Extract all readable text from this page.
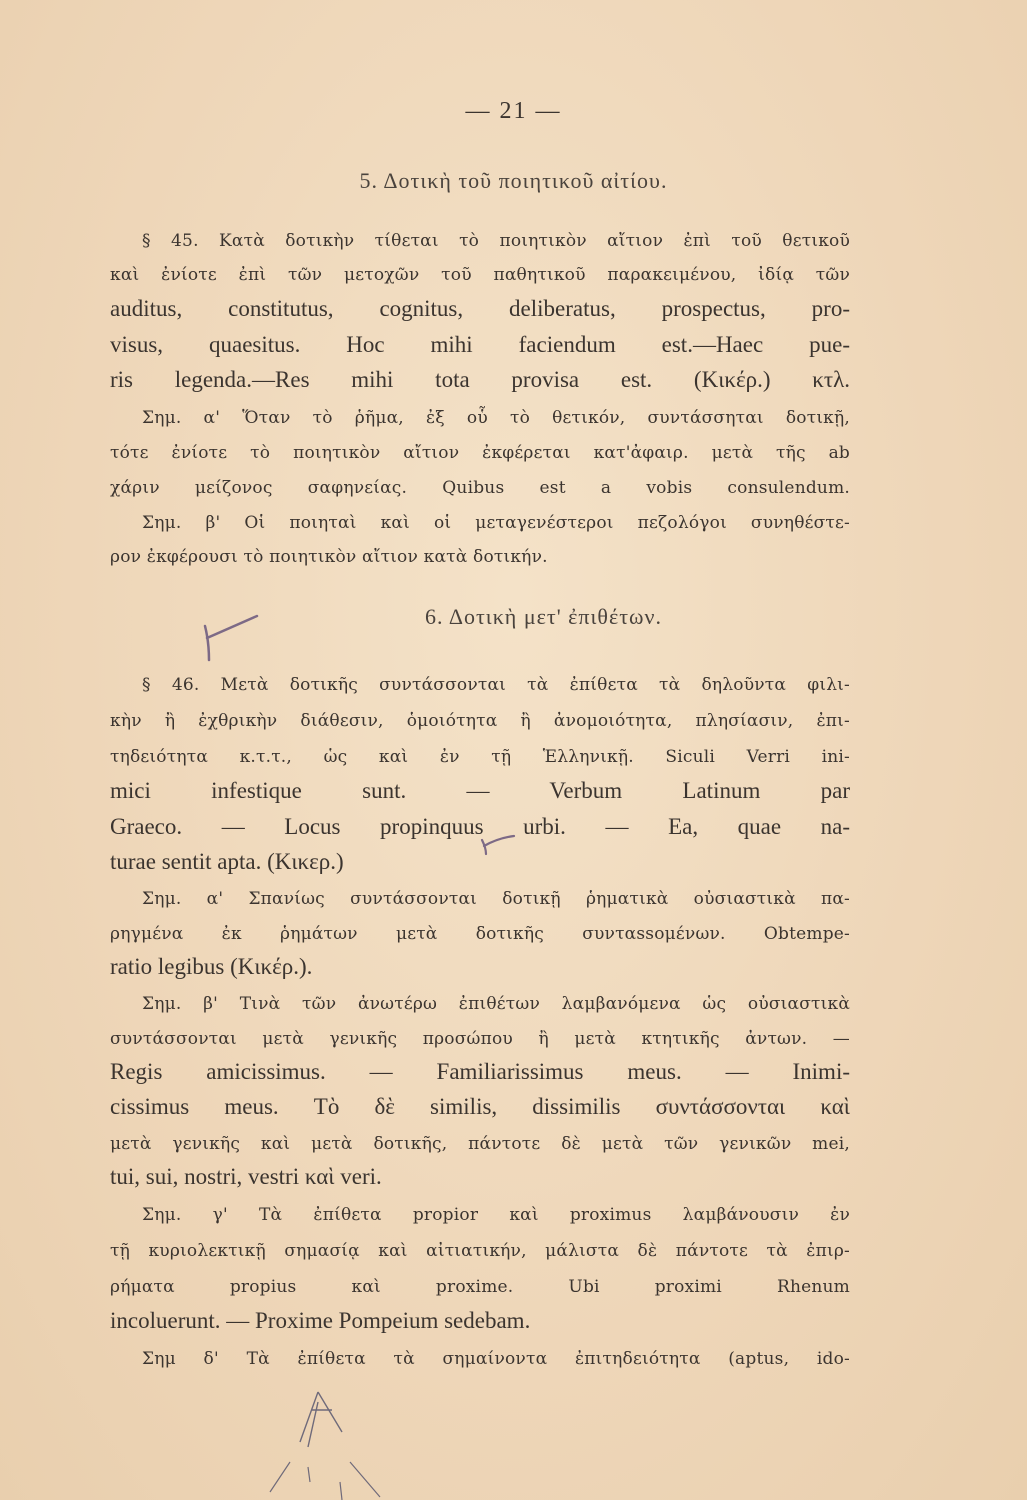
— 21 —
5. Δοτικὴ τοῦ ποιητικοῦ αἰτίου.
§ 45. Κατὰ δοτικὴν τίθεται τὸ ποιητικὸν αἴτιον ἐπὶ τοῦ θετικοῦ
καὶ ἐνίοτε ἐπὶ τῶν μετοχῶν τοῦ παθητικοῦ παρακειμένου, ἰδίᾳ τῶν
auditus, constitutus, cognitus, deliberatus, prospectus, pro-
visus, quaesitus. Hoc mihi faciendum est.—Haec pue-
ris legenda.—Res mihi tota provisa est. (Κικέρ.) κτλ.
Σημ. α' Ὅταν τὸ ῥῆμα, ἐξ οὗ τὸ θετικόν, συντάσσηται δοτικῇ,
τότε ἐνίοτε τὸ ποιητικὸν αἴτιον ἐκφέρεται κατ'ἀφαιρ. μετὰ τῆς ab
χάριν μείζονος σαφηνείας. Quibus est a vobis consulendum.
Σημ. β' Οἱ ποιηταὶ καὶ οἱ μεταγενέστεροι πεζολόγοι συνηθέστε-
ρον ἐκφέρουσι τὸ ποιητικὸν αἴτιον κατὰ δοτικήν.
6. Δοτικὴ μετ' ἐπιθέτων.
§ 46. Μετὰ δοτικῆς συντάσσονται τὰ ἐπίθετα τὰ δηλοῦντα φιλι-
κὴν ἢ ἐχθρικὴν διάθεσιν, ὁμοιότητα ἢ ἀνομοιότητα, πλησίασιν, ἐπι-
τηδειότητα κ.τ.τ., ὡς καὶ ἐν τῇ Ἑλληνικῇ. Siculi Verri ini-
mici infestique sunt. — Verbum Latinum par
Graeco. — Locus propinquus urbi. — Ea, quae na-
turae sentit apta. (Κικερ.)
Σημ. α' Σπανίως συντάσσονται δοτικῇ ῥηματικὰ οὐσιαστικὰ πα-
ρηγμένα ἐκ ῥημάτων μετὰ δοτικῆς συνταssομένων. Obtempe-
ratio legibus (Κικέρ.).
Σημ. β' Τινὰ τῶν ἀνωτέρω ἐπιθέτων λαμβανόμενα ὡς οὐσιαστικὰ
συντάσσονται μετὰ γενικῆς προσώπου ἢ μετὰ κτητικῆς ἀντων. —
Regis amicissimus. — Familiarissimus meus. — Inimi-
cissimus meus. Τὸ δὲ similis, dissimilis συντάσσονται καὶ
μετὰ γενικῆς καὶ μετὰ δοτικῆς, πάντοτε δὲ μετὰ τῶν γενικῶν mei,
tui, sui, nostri, vestri καὶ veri.
Σημ. γ' Τὰ ἐπίθετα propior καὶ proximus λαμβάνουσιν ἐν
τῇ κυριολεκτικῇ σημασίᾳ καὶ αἰτιατικήν, μάλιστα δὲ πάντοτε τὰ ἐπιρ-
ρήματα propius καὶ proxime. Ubi proximi Rhenum
incoluerunt. — Proxime Pompeium sedebam.
Σημ δ' Τὰ ἐπίθετα τὰ σημαίνοντα ἐπιτηδειότητα (aptus, ido-
